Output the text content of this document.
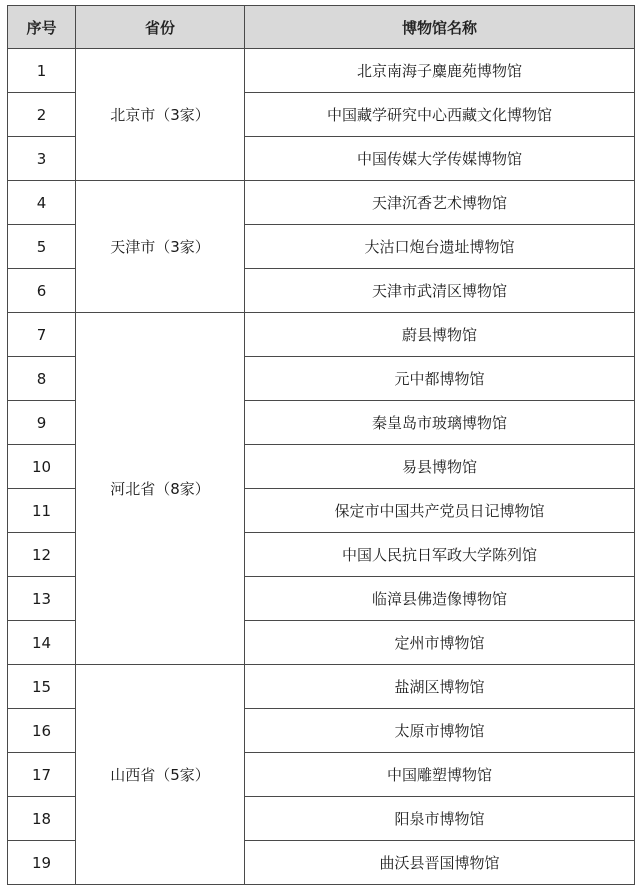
序号	省份	博物馆名称
1	北京市（3家）	北京南海子麋鹿苑博物馆
2		中国藏学研究中心西藏文化博物馆
3		中国传媒大学传媒博物馆
4	天津市（3家）	天津沉香艺术博物馆
5		大沽口炮台遗址博物馆
6		天津市武清区博物馆
7	河北省（8家）	蔚县博物馆
8		元中都博物馆
9		秦皇岛市玻璃博物馆
10		易县博物馆
11		保定市中国共产党员日记博物馆
12		中国人民抗日军政大学陈列馆
13		临漳县佛造像博物馆
14		定州市博物馆
15	山西省（5家）	盐湖区博物馆
16		太原市博物馆
17		中国雕塑博物馆
18		阳泉市博物馆
19		曲沃县晋国博物馆
